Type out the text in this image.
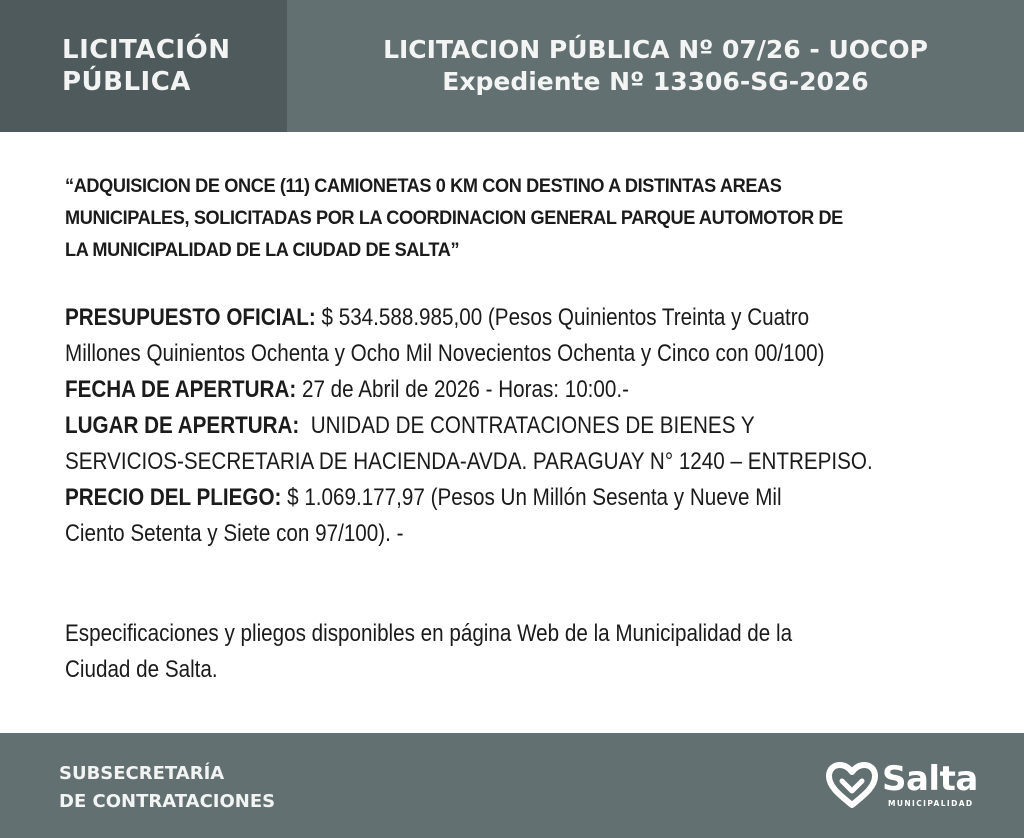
LICITACIÓN
PÚBLICA
LICITACION PÚBLICA Nº 07/26 - UOCOP
Expediente Nº 13306-SG-2026
“ADQUISICION DE ONCE (11) CAMIONETAS 0 KM CON DESTINO A DISTINTAS AREAS
MUNICIPALES, SOLICITADAS POR LA COORDINACION GENERAL PARQUE AUTOMOTOR DE
LA MUNICIPALIDAD DE LA CIUDAD DE SALTA”
PRESUPUESTO OFICIAL: $ 534.588.985,00 (Pesos Quinientos Treinta y Cuatro
Millones Quinientos Ochenta y Ocho Mil Novecientos Ochenta y Cinco con 00/100)
FECHA DE APERTURA: 27 de Abril de 2026 - Horas: 10:00.-
LUGAR DE APERTURA:  UNIDAD DE CONTRATACIONES DE BIENES Y
SERVICIOS-SECRETARIA DE HACIENDA-AVDA. PARAGUAY N° 1240 – ENTREPISO.
PRECIO DEL PLIEGO: $ 1.069.177,97 (Pesos Un Millón Sesenta y Nueve Mil
Ciento Setenta y Siete con 97/100). -
Especificaciones y pliegos disponibles en página Web de la Municipalidad de la
Ciudad de Salta.
SUBSECRETARÍA
DE CONTRATACIONES
Salta
MUNICIPALIDAD
